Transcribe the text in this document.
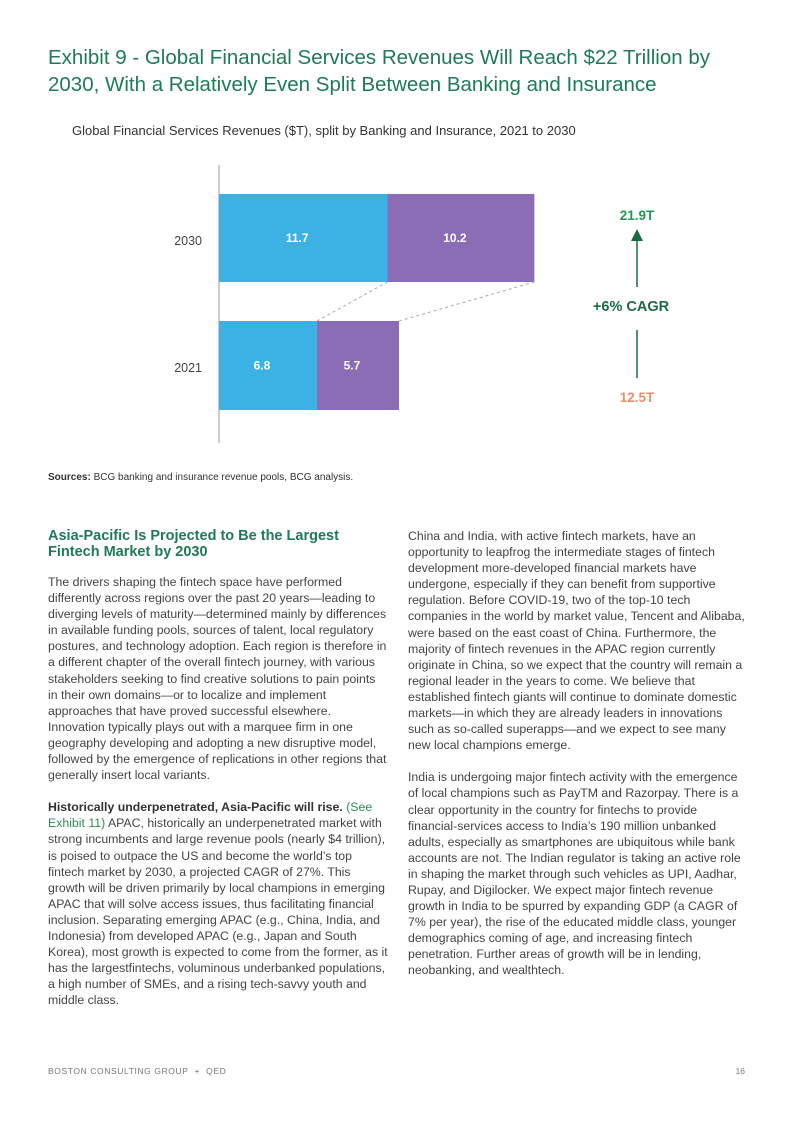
Exhibit 9 - Global Financial Services Revenues Will Reach $22 Trillion by 2030, With a Relatively Even Split Between Banking and Insurance
Global Financial Services Revenues ($T), split by Banking and Insurance, 2021 to 2030
2030
2021
11.7	10.2
6.8	5.7
21.9T
+6% CAGR
12.5T
Sources: BCG banking and insurance revenue pools, BCG analysis.
Asia-Pacific Is Projected to Be the Largest Fintech Market by 2030

The drivers shaping the fintech space have performed differently across regions over the past 20 years—leading to diverging levels of maturity—determined mainly by differences in available funding pools, sources of talent, local regulatory postures, and technology adoption. Each region is therefore in a different chapter of the overall fintech journey, with various stakeholders seeking to find creative solutions to pain points in their own domains—or to localize and implement approaches that have proved successful elsewhere. Innovation typically plays out with a marquee firm in one geography developing and adopting a new disruptive model, followed by the emergence of replications in other regions that generally insert local variants.

Historically underpenetrated, Asia-Pacific will rise. (See Exhibit 11) APAC, historically an underpenetrated market with strong incumbents and large revenue pools (nearly $4 trillion), is poised to outpace the US and become the world’s top fintech market by 2030, a projected CAGR of 27%. This growth will be driven primarily by local champions in emerging APAC that will solve access issues, thus facilitating financial inclusion. Separating emerging APAC (e.g., China, India, and Indonesia) from developed APAC (e.g., Japan and South Korea), most growth is expected to come from the former, as it has the largestfintechs, voluminous underbanked populations, a high number of SMEs, and a rising tech-savvy youth and middle class.

China and India, with active fintech markets, have an opportunity to leapfrog the intermediate stages of fintech development more-developed financial markets have undergone, especially if they can benefit from supportive regulation. Before COVID-19, two of the top-10 tech companies in the world by market value, Tencent and Alibaba, were based on the east coast of China. Furthermore, the majority of fintech revenues in the APAC region currently originate in China, so we expect that the country will remain a regional leader in the years to come. We believe that established fintech giants will continue to dominate domestic markets—in which they are already leaders in innovations such as so-called superapps—and we expect to see many new local champions emerge.

India is undergoing major fintech activity with the emergence of local champions such as PayTM and Razorpay. There is a clear opportunity in the country for fintechs to provide financial-services access to India’s 190 million unbanked adults, especially as smartphones are ubiquitous while bank accounts are not. The Indian regulator is taking an active role in shaping the market through such vehicles as UPI, Aadhar, Rupay, and Digilocker. We expect major fintech revenue growth in India to be spurred by expanding GDP (a CAGR of 7% per year), the rise of the educated middle class, younger demographics coming of age, and increasing fintech penetration. Further areas of growth will be in lending, neobanking, and wealthtech.

BOSTON CONSULTING GROUP + QED	16
